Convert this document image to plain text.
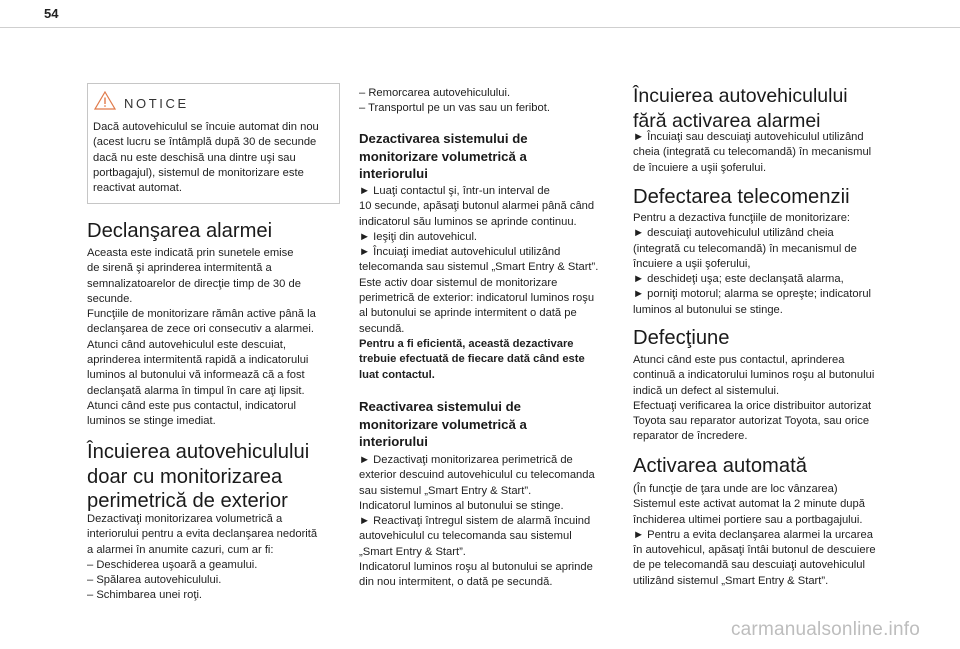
54
NOTICE

Dacă autovehiculul se încuie automat din nou

(acest lucru se întâmplă după 30 de secunde

dacă nu este deschisă una dintre uşi sau

portbagajul), sistemul de monitorizare este

reactivat automat.

Declanşarea alarmei

Aceasta este indicată prin sunetele emise

de sirenă şi aprinderea intermitentă a

semnalizatoarelor de direcţie timp de 30 de

secunde.

Funcţiile de monitorizare rămân active până la

declanşarea de zece ori consecutiv a alarmei.

Atunci când autovehiculul este descuiat,

aprinderea intermitentă rapidă a indicatorului

luminos al butonului vă informează că a fost

declanşată alarma în timpul în care aţi lipsit.

Atunci când este pus contactul, indicatorul

luminos se stinge imediat.

Încuierea autovehiculului
doar cu monitorizarea
perimetrică de exterior

Dezactivaţi monitorizarea volumetrică a

interiorului pentru a evita declanşarea nedorită

a alarmei în anumite cazuri, cum ar fi:

– Deschiderea uşoară a geamului.

– Spălarea autovehiculului.

– Schimbarea unei roţi.

– Remorcarea autovehiculului.

– Transportul pe un vas sau un feribot.

Dezactivarea sistemului de
monitorizare volumetrică a
interiorului

► Luaţi contactul şi, într-un interval de

10 secunde, apăsaţi butonul alarmei până când

indicatorul său luminos se aprinde continuu.

► Ieşiţi din autovehicul.

► Încuiaţi imediat autovehiculul utilizând

telecomanda sau sistemul „Smart Entry & Start”.

Este activ doar sistemul de monitorizare

perimetrică de exterior: indicatorul luminos roşu

al butonului se aprinde intermitent o dată pe

secundă.

Pentru a fi eficientă, această dezactivare

trebuie efectuată de fiecare dată când este

luat contactul.

Reactivarea sistemului de
monitorizare volumetrică a
interiorului

► Dezactivaţi monitorizarea perimetrică de

exterior descuind autovehiculul cu telecomanda

sau sistemul „Smart Entry & Start”.

Indicatorul luminos al butonului se stinge.

► Reactivaţi întregul sistem de alarmă încuind

autovehiculul cu telecomanda sau sistemul

„Smart Entry & Start”.

Indicatorul luminos roşu al butonului se aprinde

din nou intermitent, o dată pe secundă.

Încuierea autovehiculului
fără activarea alarmei

► Încuiaţi sau descuiaţi autovehiculul utilizând

cheia (integrată cu telecomandă) în mecanismul

de încuiere a uşii şoferului.

Defectarea telecomenzii

Pentru a dezactiva funcţiile de monitorizare:

► descuiaţi autovehiculul utilizând cheia

(integrată cu telecomandă) în mecanismul de

încuiere a uşii şoferului,

► deschideţi uşa; este declanşată alarma,

► porniţi motorul; alarma se opreşte; indicatorul

luminos al butonului se stinge.

Defecţiune

Atunci când este pus contactul, aprinderea

continuă a indicatorului luminos roşu al butonului

indică un defect al sistemului.

Efectuaţi verificarea la orice distribuitor autorizat

Toyota sau reparator autorizat Toyota, sau orice

reparator de încredere.

Activarea automată

(În funcţie de ţara unde are loc vânzarea)

Sistemul este activat automat la 2 minute după

închiderea ultimei portiere sau a portbagajului.

► Pentru a evita declanşarea alarmei la urcarea

în autovehicul, apăsaţi întâi butonul de descuiere

de pe telecomandă sau descuiaţi autovehiculul

utilizând sistemul „Smart Entry & Start”.

carmanualsonline.info
